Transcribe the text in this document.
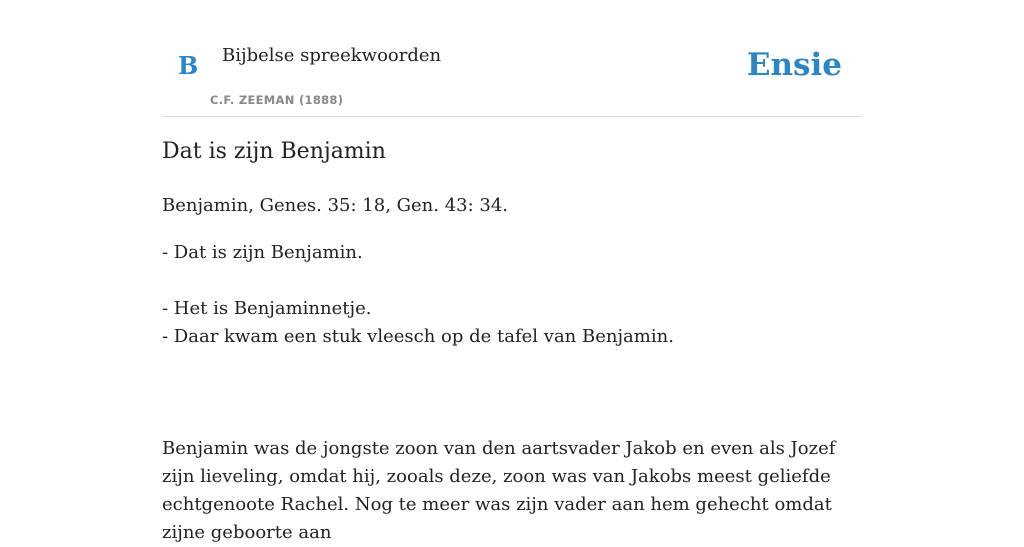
B Bijbelse spreekwoorden
C.F. ZEEMAN (1888)
Ensie
Dat is zijn Benjamin

Benjamin, Genes. 35: 18, Gen. 43: 34.

- Dat is zijn Benjamin.

- Het is Benjaminnetje.

- Daar kwam een stuk vleesch op de tafel van Benjamin.

Benjamin was de jongste zoon van den aartsvader Jakob en even als Jozef zijn lieveling, omdat hij, zooals deze, zoon was van Jakobs meest geliefde echtgenoote Rachel. Nog te meer was zijn vader aan hem gehecht omdat zijne geboorte aan
